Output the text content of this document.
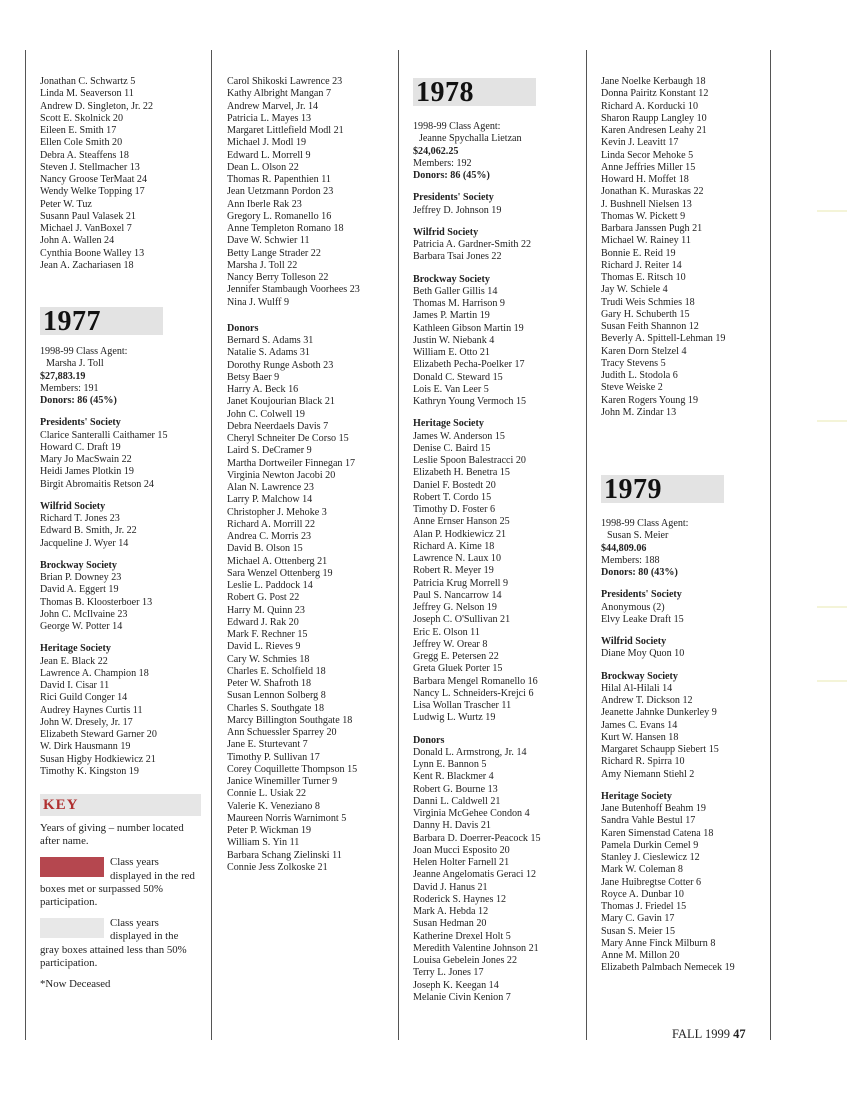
Jonathan C. Schwartz 5
Linda M. Seaverson 11
Andrew D. Singleton, Jr. 22
Scott E. Skolnick 20
Eileen E. Smith 17
Ellen Cole Smith 20
Debra A. Steaffens 18
Steven J. Stellmacher 13
Nancy Groose TerMaat 24
Wendy Welke Topping 17
Peter W. Tuz
Susann Paul Valasek 21
Michael J. VanBoxel 7
John A. Wallen 24
Cynthia Boone Walley 13
Jean A. Zachariasen 18
1977
1998-99 Class Agent:
Marsha J. Toll
$27,883.19
Members: 191
Donors: 86 (45%)
Presidents' Society
Clarice Santeralli Caithamer 15
Howard C. Draft 19
Mary Jo MacSwain 22
Heidi James Plotkin 19
Birgit Abromaitis Retson 24
Wilfrid Society
Richard T. Jones 23
Edward B. Smith, Jr. 22
Jacqueline J. Wyer 14
Brockway Society
Brian P. Downey 23
David A. Eggert 19
Thomas B. Kloosterboer 13
John C. McIlvaine 23
George W. Potter 14
Heritage Society
Jean E. Black 22
Lawrence A. Champion 18
David I. Cisar 11
Rici Guild Conger 14
Audrey Haynes Curtis 11
John W. Dresely, Jr. 17
Elizabeth Steward Garner 20
W. Dirk Hausmann 19
Susan Higby Hodkiewicz 21
Timothy K. Kingston 19
KEY
Years of giving – number located after name.
Class years displayed in the red boxes met or surpassed 50% participation.
Class years displayed in the gray boxes attained less than 50% participation.
*Now Deceased
Carol Shikoski Lawrence 23
Kathy Albright Mangan 7
Andrew Marvel, Jr. 14
Patricia L. Mayes 13
Margaret Littlefield Modl 21
Michael J. Modl 19
Edward L. Morrell 9
Dean L. Olson 22
Thomas R. Papenthien 11
Jean Uetzmann Pordon 23
Ann Iberle Rak 23
Gregory L. Romanello 16
Anne Templeton Romano 18
Dave W. Schwier 11
Betty Lange Strader 22
Marsha J. Toll 22
Nancy Berry Tolleson 22
Jennifer Stambaugh Voorhees 23
Nina J. Wulff 9
Donors
Bernard S. Adams 31
Natalie S. Adams 31
Dorothy Runge Asboth 23
Betsy Baer 9
Harry A. Beck 16
Janet Koujourian Black 21
John C. Colwell 19
Debra Neerdaels Davis 7
Cheryl Schneiter De Corso 15
Laird S. DeCramer 9
Martha Dortweiler Finnegan 17
Virginia Newton Jacobi 20
Alan N. Lawrence 23
Larry P. Malchow 14
Christopher J. Mehoke 3
Richard A. Morrill 22
Andrea C. Morris 23
David B. Olson 15
Michael A. Ottenberg 21
Sara Wenzel Ottenberg 19
Leslie L. Paddock 14
Robert G. Post 22
Harry M. Quinn 23
Edward J. Rak 20
Mark F. Rechner 15
David L. Rieves 9
Cary W. Schmies 18
Charles E. Scholfield 18
Peter W. Shafroth 18
Susan Lennon Solberg 8
Charles S. Southgate 18
Marcy Billington Southgate 18
Ann Schuessler Sparrey 20
Jane E. Sturtevant 7
Timothy P. Sullivan 17
Corey Coquillette Thompson 15
Janice Winemiller Turner 9
Connie L. Usiak 22
Valerie K. Veneziano 8
Maureen Norris Warnimont 5
Peter P. Wickman 19
William S. Yin 11
Barbara Schang Zielinski 11
Connie Jess Zolkoske 21
1978
1998-99 Class Agent:
Jeanne Spychalla Lietzan
$24,062.25
Members: 192
Donors: 86 (45%)
Presidents' Society
Jeffrey D. Johnson 19
Wilfrid Society
Patricia A. Gardner-Smith 22
Barbara Tsai Jones 22
Brockway Society
Beth Galler Gillis 14
Thomas M. Harrison 9
James P. Martin 19
Kathleen Gibson Martin 19
Justin W. Niebank 4
William E. Otto 21
Elizabeth Pecha-Poelker 17
Donald C. Steward 15
Lois E. Van Leer 5
Kathryn Young Vermoch 15
Heritage Society
James W. Anderson 15
Denise C. Baird 15
Leslie Spoon Balestracci 20
Elizabeth H. Benetra 15
Daniel F. Bostedt 20
Robert T. Cordo 15
Timothy D. Foster 6
Anne Ernser Hanson 25
Alan P. Hodkiewicz 21
Richard A. Kime 18
Lawrence N. Laux 10
Robert R. Meyer 19
Patricia Krug Morrell 9
Paul S. Nancarrow 14
Jeffrey G. Nelson 19
Joseph C. O'Sullivan 21
Eric E. Olson 11
Jeffrey W. Orear 8
Gregg E. Petersen 22
Greta Gluek Porter 15
Barbara Mengel Romanello 16
Nancy L. Schneiders-Krejci 6
Lisa Wollan Trascher 11
Ludwig L. Wurtz 19
Donors
Donald L. Armstrong, Jr. 14
Lynn E. Bannon 5
Kent R. Blackmer 4
Robert G. Bourne 13
Danni L. Caldwell 21
Virginia McGehee Condon 4
Danny H. Davis 21
Barbara D. Doerrer-Peacock 15
Joan Mucci Esposito 20
Helen Holter Farnell 21
Jeanne Angelomatis Geraci 12
David J. Hanus 21
Roderick S. Haynes 12
Mark A. Hebda 12
Susan Hedman 20
Katherine Drexel Holt 5
Meredith Valentine Johnson 21
Louisa Gebelein Jones 22
Terry L. Jones 17
Joseph K. Keegan 14
Melanie Civin Kenion 7
Jane Noelke Kerbaugh 18
Donna Pairitz Konstant 12
Richard A. Korducki 10
Sharon Raupp Langley 10
Karen Andresen Leahy 21
Kevin J. Leavitt 17
Linda Secor Mehoke 5
Anne Jeffries Miller 15
Howard H. Moffet 18
Jonathan K. Muraskas 22
J. Bushnell Nielsen 13
Thomas W. Pickett 9
Barbara Janssen Pugh 21
Michael W. Rainey 11
Bonnie E. Reid 19
Richard J. Reiter 14
Thomas E. Ritsch 10
Jay W. Schiele 4
Trudi Weis Schmies 18
Gary H. Schuberth 15
Susan Feith Shannon 12
Beverly A. Spittell-Lehman 19
Karen Dorn Stelzel 4
Tracy Stevens 5
Judith L. Stodola 6
Steve Weiske 2
Karen Rogers Young 19
John M. Zindar 13
1979
1998-99 Class Agent:
Susan S. Meier
$44,809.06
Members: 188
Donors: 80 (43%)
Presidents' Society
Anonymous (2)
Elvy Leake Draft 15
Wilfrid Society
Diane Moy Quon 10
Brockway Society
Hilal Al-Hilali 14
Andrew T. Dickson 12
Jeanette Jahnke Dunkerley 9
James C. Evans 14
Kurt W. Hansen 18
Margaret Schaupp Siebert 15
Richard R. Spirra 10
Amy Niemann Stiehl 2
Heritage Society
Jane Butenhoff Beahm 19
Sandra Vahle Bestul 17
Karen Simenstad Catena 18
Pamela Durkin Cemel 9
Stanley J. Cieslewicz 12
Mark W. Coleman 8
Jane Huibregtse Cotter 6
Royce A. Dunbar 10
Thomas J. Friedel 15
Mary C. Gavin 17
Susan S. Meier 15
Mary Anne Finck Milburn 8
Anne M. Millon 20
Elizabeth Palmbach Nemecek 19
FALL 1999 47
